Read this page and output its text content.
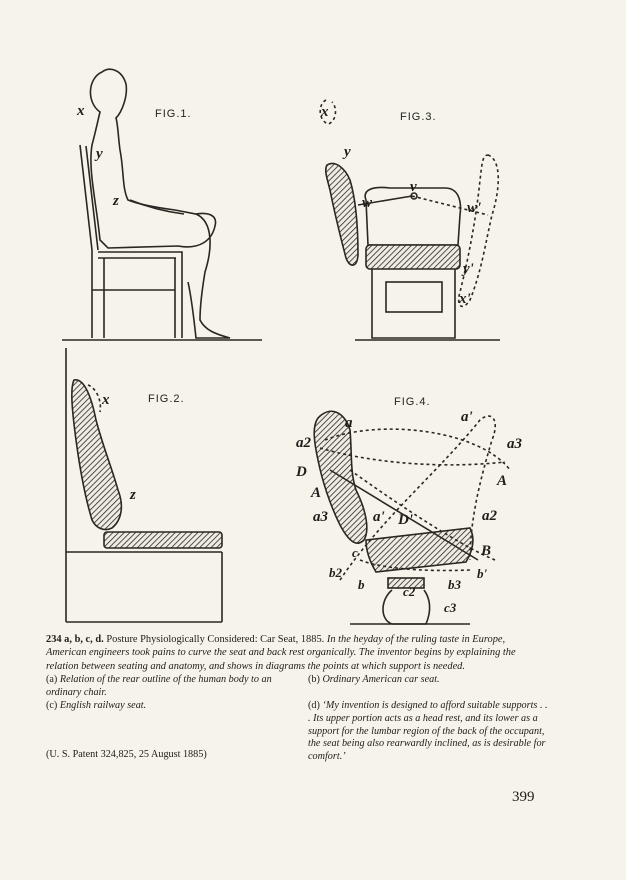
FIG.1.	FIG.3.
FIG.2.	FIG.4.
x
y
z
x
y
v
w	w'
y'
x'
x
z
a	a'
a3
a2
D
A
A
a3	a' D'	a2
c	B
b2
b	b3
b'
c2
c3
234 a, b, c, d. Posture Physiologically Considered: Car Seat, 1885. In the heyday of the ruling taste in Europe, American engineers took pains to curve the seat and back rest organically. The inventor begins by explaining the relation between seating and anatomy, and shows in diagrams the points at which support is needed.
(a) Relation of the rear outline of the human body to an ordinary chair.
(b) Ordinary American car seat.
(c) English railway seat.	(d) ‘My invention is designed to afford suitable supports . . . Its upper portion acts as a head rest, and its lower as a support for the lumbar region of the back of the occupant, the seat being also rearwardly inclined, as is desirable for comfort.’
(U. S. Patent 324,825, 25 August 1885)
399
